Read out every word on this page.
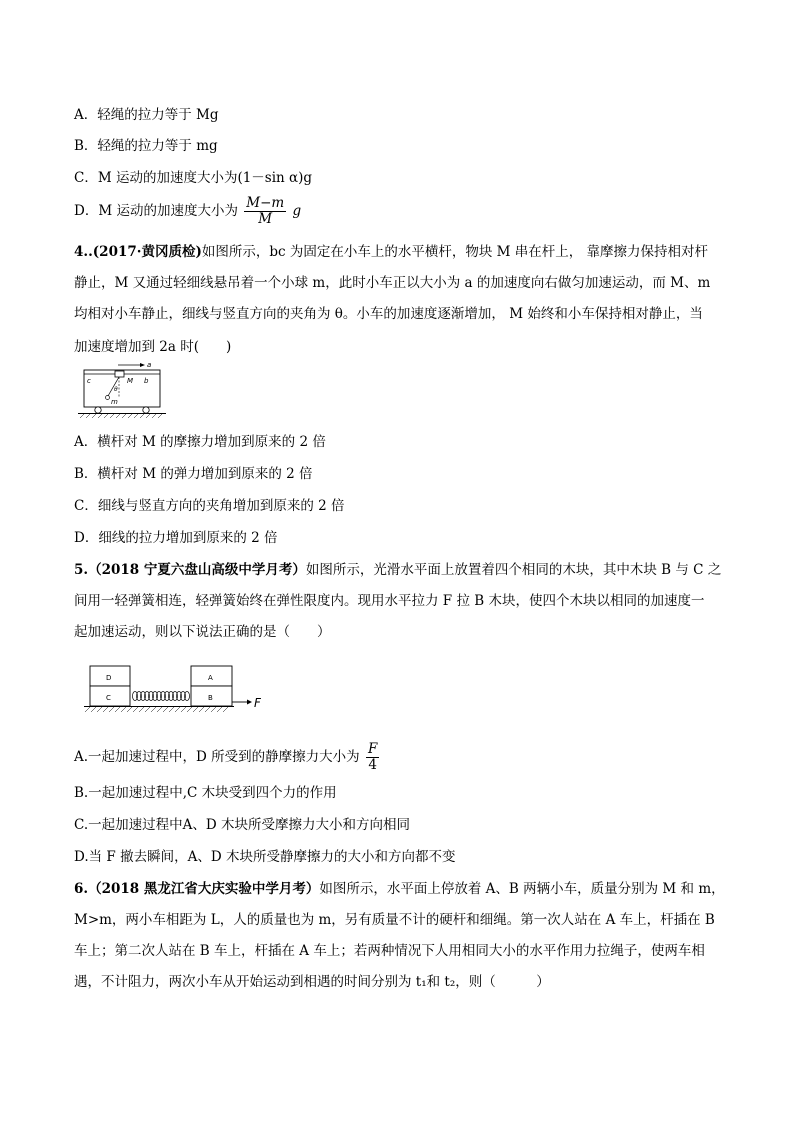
A．轻绳的拉力等于 Mg
B．轻绳的拉力等于 mg
C．M 运动的加速度大小为(1－sin α)g
D．M 运动的加速度大小为 $\frac{M-m}{M}$ g
4..(2017·黄冈质检)如图所示，bc 为固定在小车上的水平横杆，物块 M 串在杆上， 靠摩擦力保持相对杆
静止，M 又通过轻细线悬吊着一个小球 m，此时小车正以大小为 a 的加速度向右做匀加速运动，而 M、m
均相对小车静止，细线与竖直方向的夹角为 θ。小车的加速度逐渐增加， M 始终和小车保持相对静止，当
加速度增加到 2a 时(　　)
a
c	M b
θ
m
A．横杆对 M 的摩擦力增加到原来的 2 倍
B．横杆对 M 的弹力增加到原来的 2 倍
C．细线与竖直方向的夹角增加到原来的 2 倍
D．细线的拉力增加到原来的 2 倍
5.（2018 宁夏六盘山高级中学月考）如图所示，光滑水平面上放置着四个相同的木块，其中木块 B 与 C 之
间用一轻弹簧相连，轻弹簧始终在弹性限度内。现用水平拉力 F 拉 B 木块，使四个木块以相同的加速度一
起加速运动，则以下说法正确的是（　　）
D
C
A
B	F
A.一起加速过程中，D 所受到的静摩擦力大小为 $\frac{F}{4}$
B.一起加速过程中,C 木块受到四个力的作用
C.一起加速过程中A、D 木块所受摩擦力大小和方向相同
D.当 F 撤去瞬间，A、D 木块所受静摩擦力的大小和方向都不变
6.（2018 黑龙江省大庆实验中学月考）如图所示，水平面上停放着 A、B 两辆小车，质量分别为 M 和 m，
M>m，两小车相距为 L，人的质量也为 m，另有质量不计的硬杆和细绳。第一次人站在 A 车上，杆插在 B
车上；第二次人站在 B 车上，杆插在 A 车上；若两种情况下人用相同大小的水平作用力拉绳子，使两车相
遇，不计阻力，两次小车从开始运动到相遇的时间分别为 t₁和 t₂，则（　　　）
